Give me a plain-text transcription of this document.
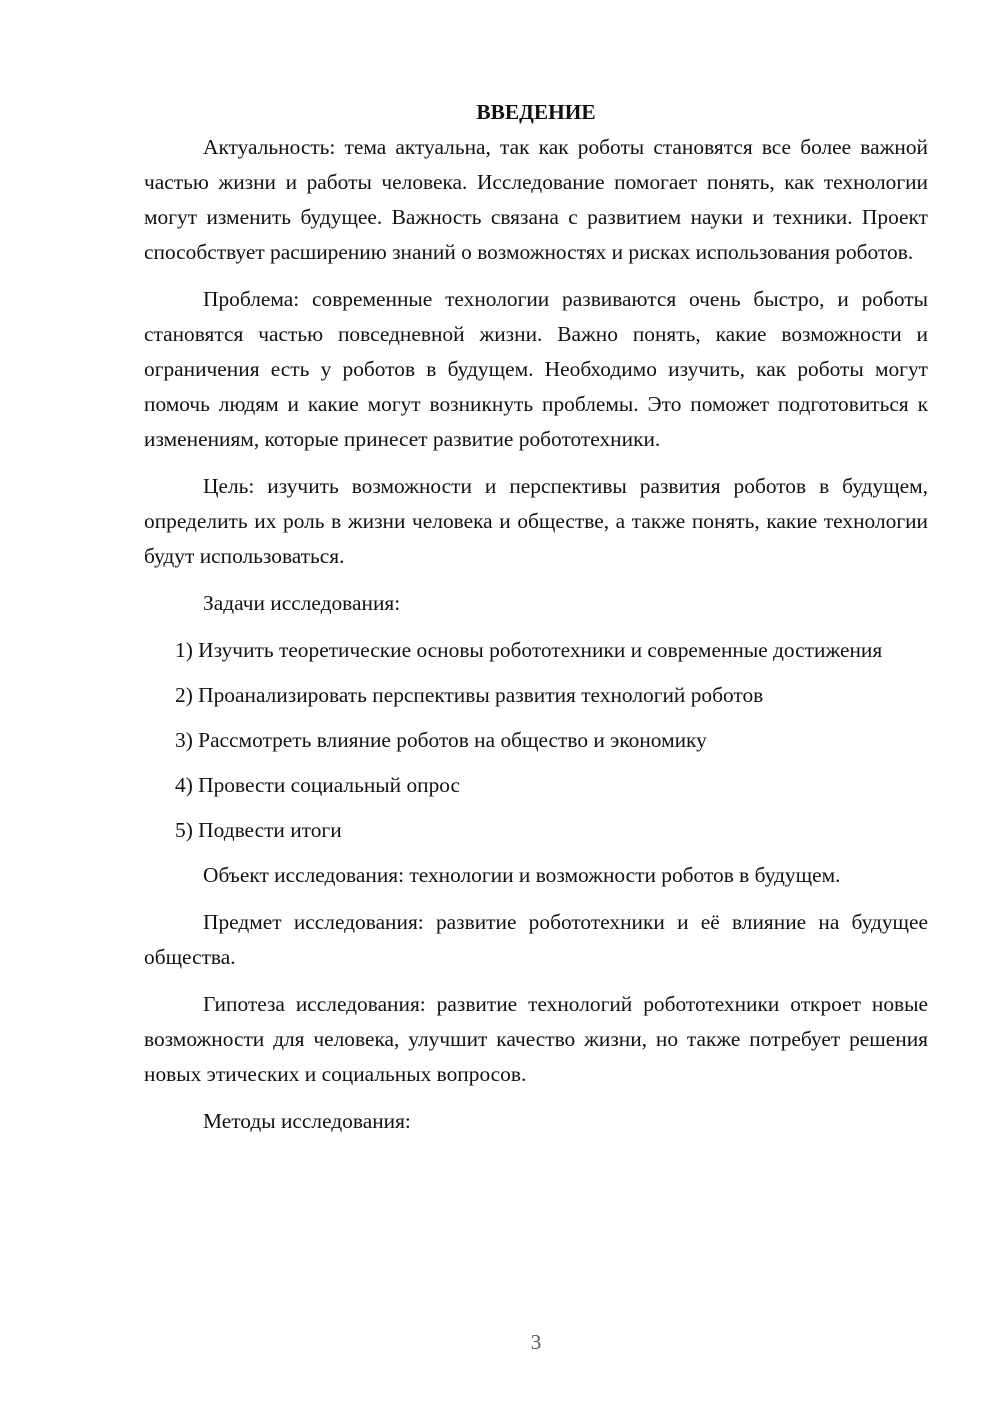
ВВЕДЕНИЕ

Актуальность: тема актуальна, так как роботы становятся все более важной частью жизни и работы человека. Исследование помогает понять, как технологии могут изменить будущее. Важность связана с развитием науки и техники. Проект способствует расширению знаний о возможностях и рисках использования роботов.

Проблема: современные технологии развиваются очень быстро, и роботы становятся частью повседневной жизни. Важно понять, какие возможности и ограничения есть у роботов в будущем. Необходимо изучить, как роботы могут помочь людям и какие могут возникнуть проблемы. Это поможет подготовиться к изменениям, которые принесет развитие робототехники.

Цель: изучить возможности и перспективы развития роботов в будущем, определить их роль в жизни человека и обществе, а также понять, какие технологии будут использоваться.

Задачи исследования:

1) Изучить теоретические основы робототехники и современные достижения

2) Проанализировать перспективы развития технологий роботов

3) Рассмотреть влияние роботов на общество и экономику

4) Провести социальный опрос

5) Подвести итоги

Объект исследования: технологии и возможности роботов в будущем.

Предмет исследования: развитие робототехники и её влияние на будущее общества.

Гипотеза исследования: развитие технологий робототехники откроет новые возможности для человека, улучшит качество жизни, но также потребует решения новых этических и социальных вопросов.

Методы исследования:

3
